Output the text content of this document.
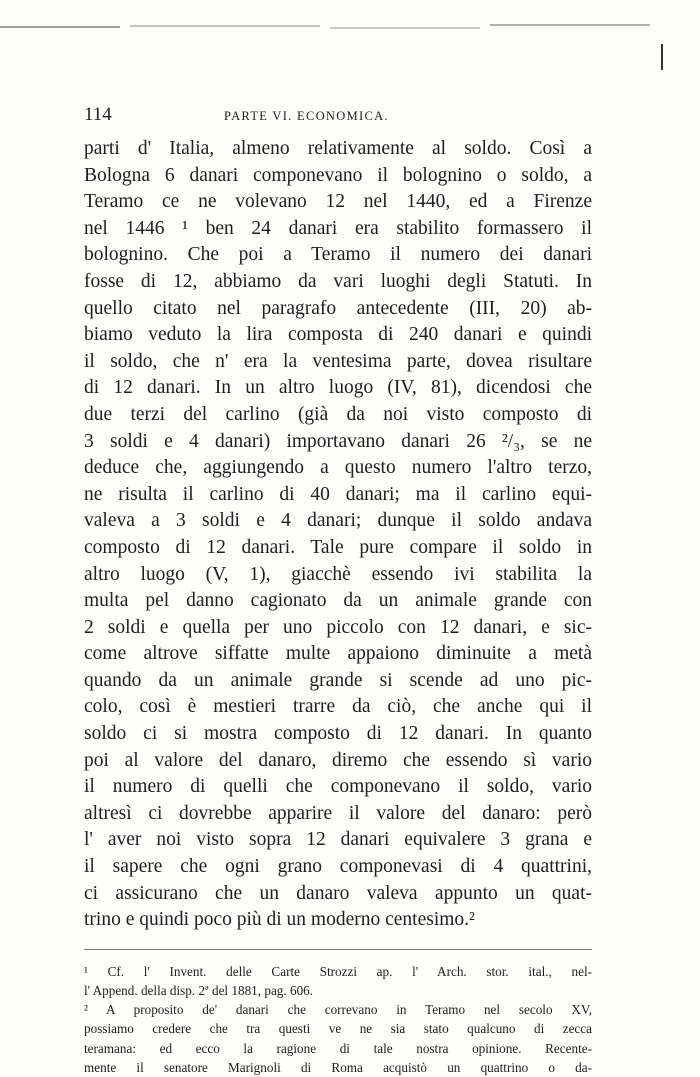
114	PARTE VI. ECONOMICA.
parti d' Italia, almeno relativamente al soldo. Così a
Bologna 6 danari componevano il bolognino o soldo, a
Teramo ce ne volevano 12 nel 1440, ed a Firenze
nel 1446 ¹ ben 24 danari era stabilito formassero il
bolognino. Che poi a Teramo il numero dei danari
fosse di 12, abbiamo da vari luoghi degli Statuti. In
quello citato nel paragrafo antecedente (III, 20) ab-
biamo veduto la lira composta di 240 danari e quindi
il soldo, che n' era la ventesima parte, dovea risultare
di 12 danari. In un altro luogo (IV, 81), dicendosi che
due terzi del carlino (già da noi visto composto di
3 soldi e 4 danari) importavano danari 26 ²/₃, se ne
deduce che, aggiungendo a questo numero l'altro terzo,
ne risulta il carlino di 40 danari; ma il carlino equi-
valeva a 3 soldi e 4 danari; dunque il soldo andava
composto di 12 danari. Tale pure compare il soldo in
altro luogo (V, 1), giacchè essendo ivi stabilita la
multa pel danno cagionato da un animale grande con
2 soldi e quella per uno piccolo con 12 danari, e sic-
come altrove siffatte multe appaiono diminuite a metà
quando da un animale grande si scende ad uno pic-
colo, così è mestieri trarre da ciò, che anche qui il
soldo ci si mostra composto di 12 danari. In quanto
poi al valore del danaro, diremo che essendo sì vario
il numero di quelli che componevano il soldo, vario
altresì ci dovrebbe apparire il valore del danaro: però
l' aver noi visto sopra 12 danari equivalere 3 grana e
il sapere che ogni grano componevasi di 4 quattrini,
ci assicurano che un danaro valeva appunto un quat-
trino e quindi poco più di un moderno centesimo.²
¹ Cf. l' Invent. delle Carte Strozzi ap. l' Arch. stor. ital., nel-
l' Append. della disp. 2ª del 1881, pag. 606.
² A proposito de' danari che correvano in Teramo nel secolo XV,
possiamo credere che tra questi ve ne sia stato qualcuno di zecca
teramana: ed ecco la ragione di tale nostra opinione. Recente-
mente il senatore Marignoli di Roma acquistò un quattrino o da-
